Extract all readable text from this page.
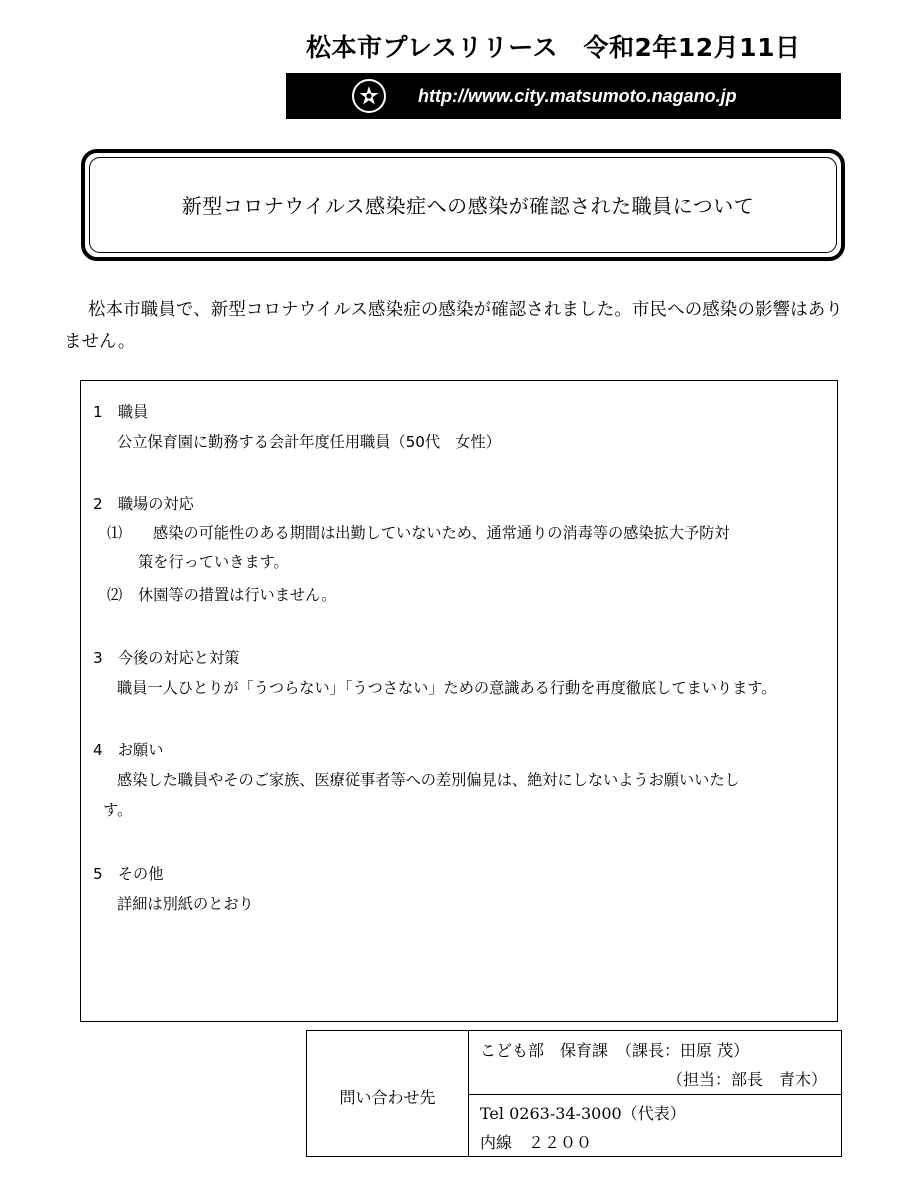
松本市プレスリリース　令和2年12月11日
http://www.city.matsumoto.nagano.jp
新型コロナウイルス感染症への感染が確認された職員について
松本市職員で、新型コロナウイルス感染症の感染が確認されました。市民への感染の影響はありません。
1　職員
公立保育園に勤務する会計年度任用職員（50代　女性）
2　職場の対応
⑴ 感染の可能性のある期間は出勤していないため、通常通りの消毒等の感染拡大予防対
策を行っていきます。
⑵ 休園等の措置は行いません。
3　今後の対応と対策
職員一人ひとりが「うつらない」「うつさない」ための意識ある行動を再度徹底してまいります。
4　お願い
感染した職員やそのご家族、医療従事者等への差別偏見は、絶対にしないようお願いいたし
す。
5　その他
詳細は別紙のとおり
問い合わせ先
こども部　保育課　（課長：田原 茂）
（担当：部長　青木）
Tel 0263-34-3000（代表）
内線　２２００
